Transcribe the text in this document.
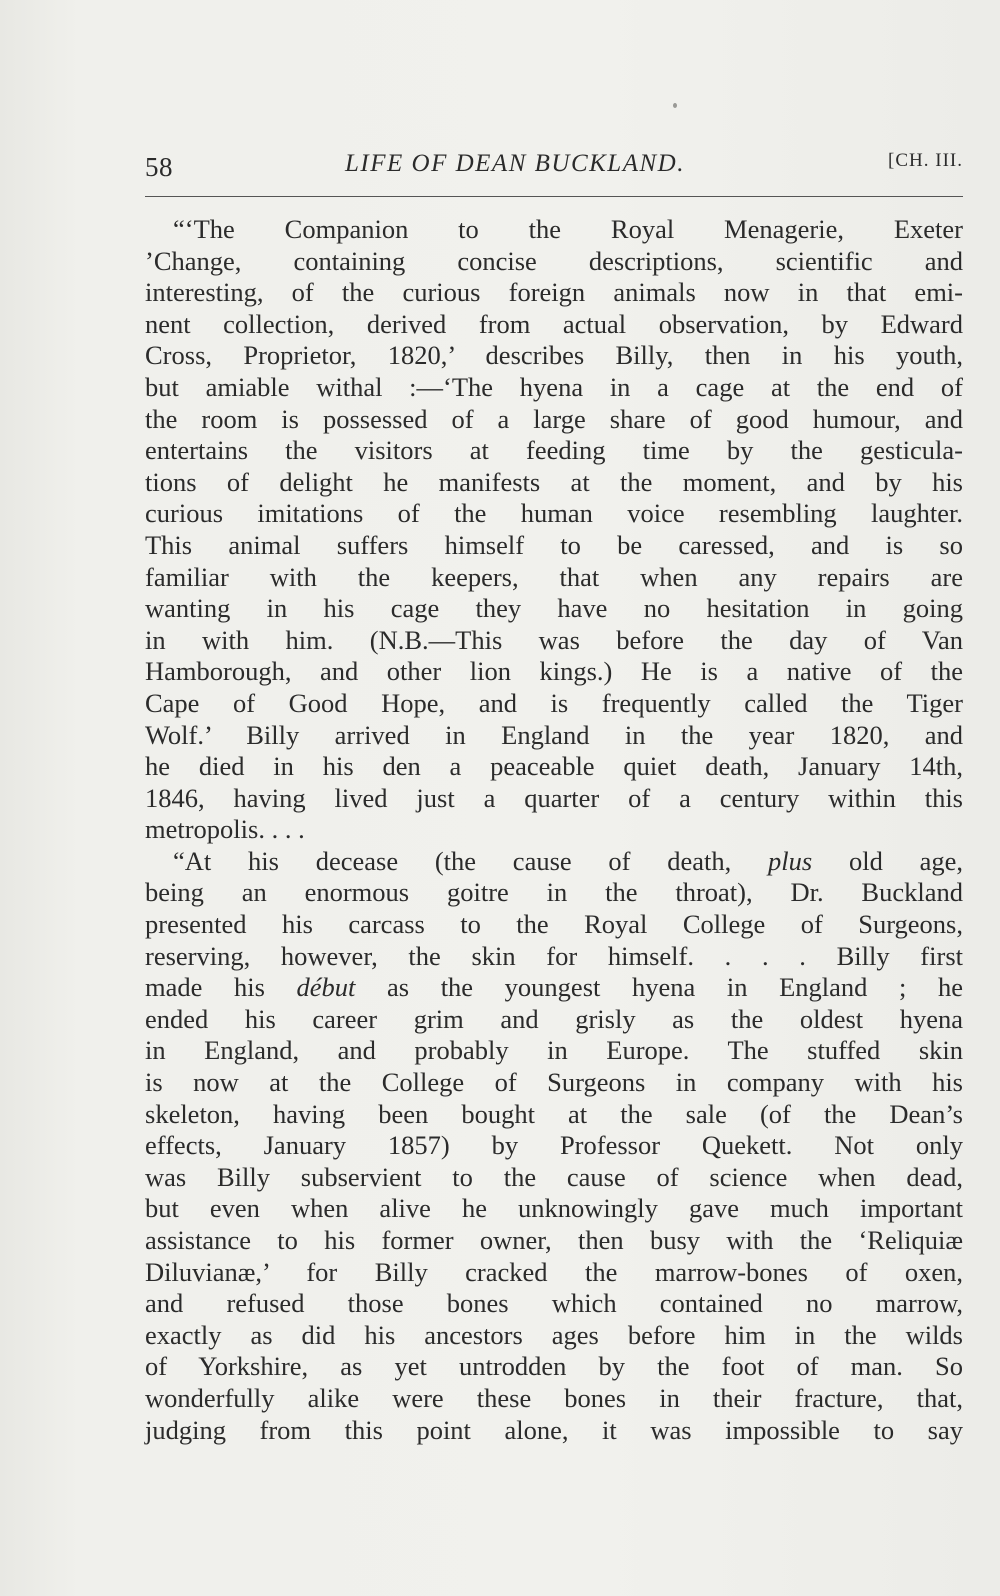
58	LIFE OF DEAN BUCKLAND.	[CH. III.
“‘The Companion to the Royal Menagerie, Exeter
’Change, containing concise descriptions, scientific and
interesting, of the curious foreign animals now in that emi-
nent collection, derived from actual observation, by Edward
Cross, Proprietor, 1820,’ describes Billy, then in his youth,
but amiable withal :—‘The hyena in a cage at the end of
the room is possessed of a large share of good humour, and
entertains the visitors at feeding time by the gesticula-
tions of delight he manifests at the moment, and by his
curious imitations of the human voice resembling laughter.
This animal suffers himself to be caressed, and is so
familiar with the keepers, that when any repairs are
wanting in his cage they have no hesitation in going
in with him. (N.B.—This was before the day of Van
Hamborough, and other lion kings.) He is a native of the
Cape of Good Hope, and is frequently called the Tiger
Wolf.’ Billy arrived in England in the year 1820, and
he died in his den a peaceable quiet death, January 14th,
1846, having lived just a quarter of a century within this
metropolis. . . .
“At his decease (the cause of death, plus old age,
being an enormous goitre in the throat), Dr. Buckland
presented his carcass to the Royal College of Surgeons,
reserving, however, the skin for himself. . . . Billy first
made his début as the youngest hyena in England ; he
ended his career grim and grisly as the oldest hyena
in England, and probably in Europe. The stuffed skin
is now at the College of Surgeons in company with his
skeleton, having been bought at the sale (of the Dean’s
effects, January 1857) by Professor Quekett. Not only
was Billy subservient to the cause of science when dead,
but even when alive he unknowingly gave much important
assistance to his former owner, then busy with the ‘Reliquiæ
Diluvianæ,’ for Billy cracked the marrow-bones of oxen,
and refused those bones which contained no marrow,
exactly as did his ancestors ages before him in the wilds
of Yorkshire, as yet untrodden by the foot of man. So
wonderfully alike were these bones in their fracture, that,
judging from this point alone, it was impossible to say
